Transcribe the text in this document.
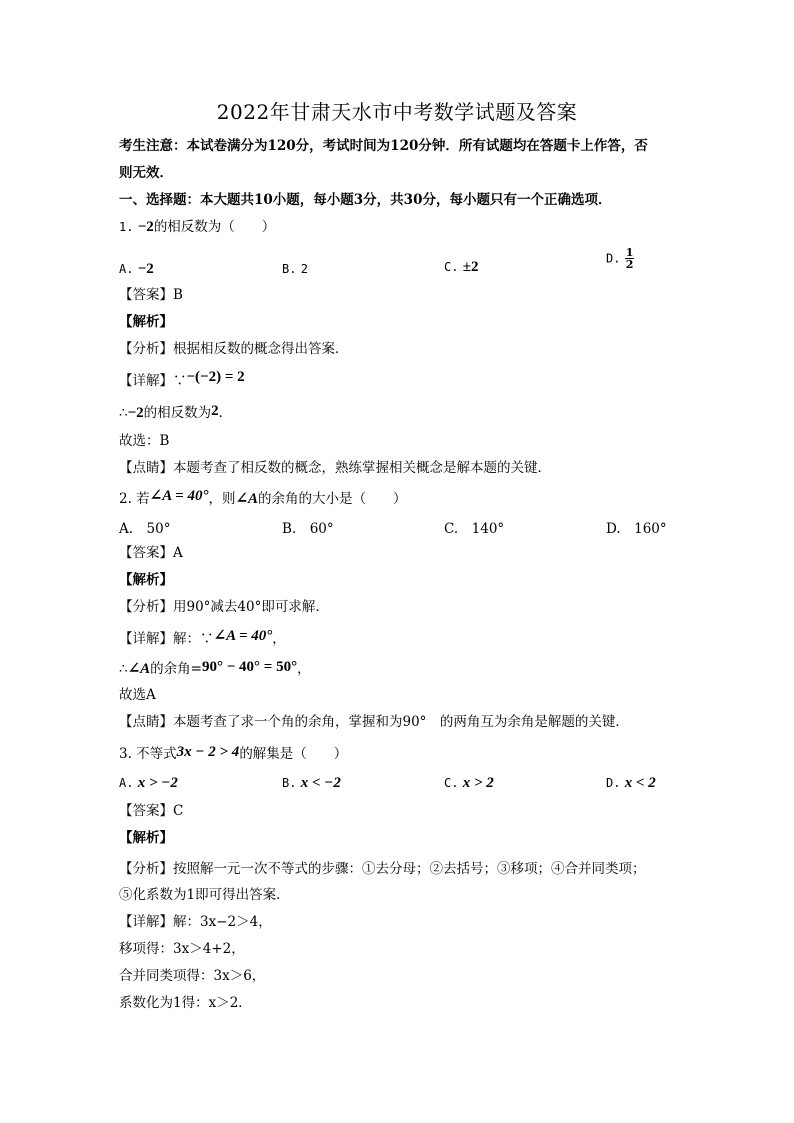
2022年甘肃天水市中考数学试题及答案
考生注意：本试卷满分为120分，考试时间为120分钟．所有试题均在答题卡上作答，否
则无效．
一、选择题：本大题共10小题，每小题3分，共30分，每小题只有一个正确选项．
1. −2的相反数为（　　）
A. −2	B. 2	C. ±2
D. $\frac{1}{2}$
【答案】B
【解析】
【分析】根据相反数的概念得出答案．
【详解】∵−(−2) = 2
∴−2的相反数为2．
故选：B
【点睛】本题考查了相反数的概念，熟练掌握相关概念是解本题的关键．
2. 若∠A = 40°，则∠A的余角的大小是（　　）
A.　50°	B.　60°	C.　140°	D.　160°
【答案】A
【解析】
【分析】用90°减去40°即可求解．
【详解】解：∵∠A = 40°，
∴∠A的余角=90° − 40° = 50°，
故选A
【点睛】本题考查了求一个角的余角，掌握和为90°　的两角互为余角是解题的关键．
3. 不等式3x − 2 > 4的解集是（　　）
A. x > −2	B. x < −2	C. x > 2	D. x < 2
【答案】C
【解析】
【分析】按照解一元一次不等式的步骤：①去分母；②去括号；③移项；④合并同类项；
⑤化系数为1即可得出答案．
【详解】解：3x−2＞4，
移项得：3x＞4+2，
合并同类项得：3x＞6，
系数化为1得：x＞2．
